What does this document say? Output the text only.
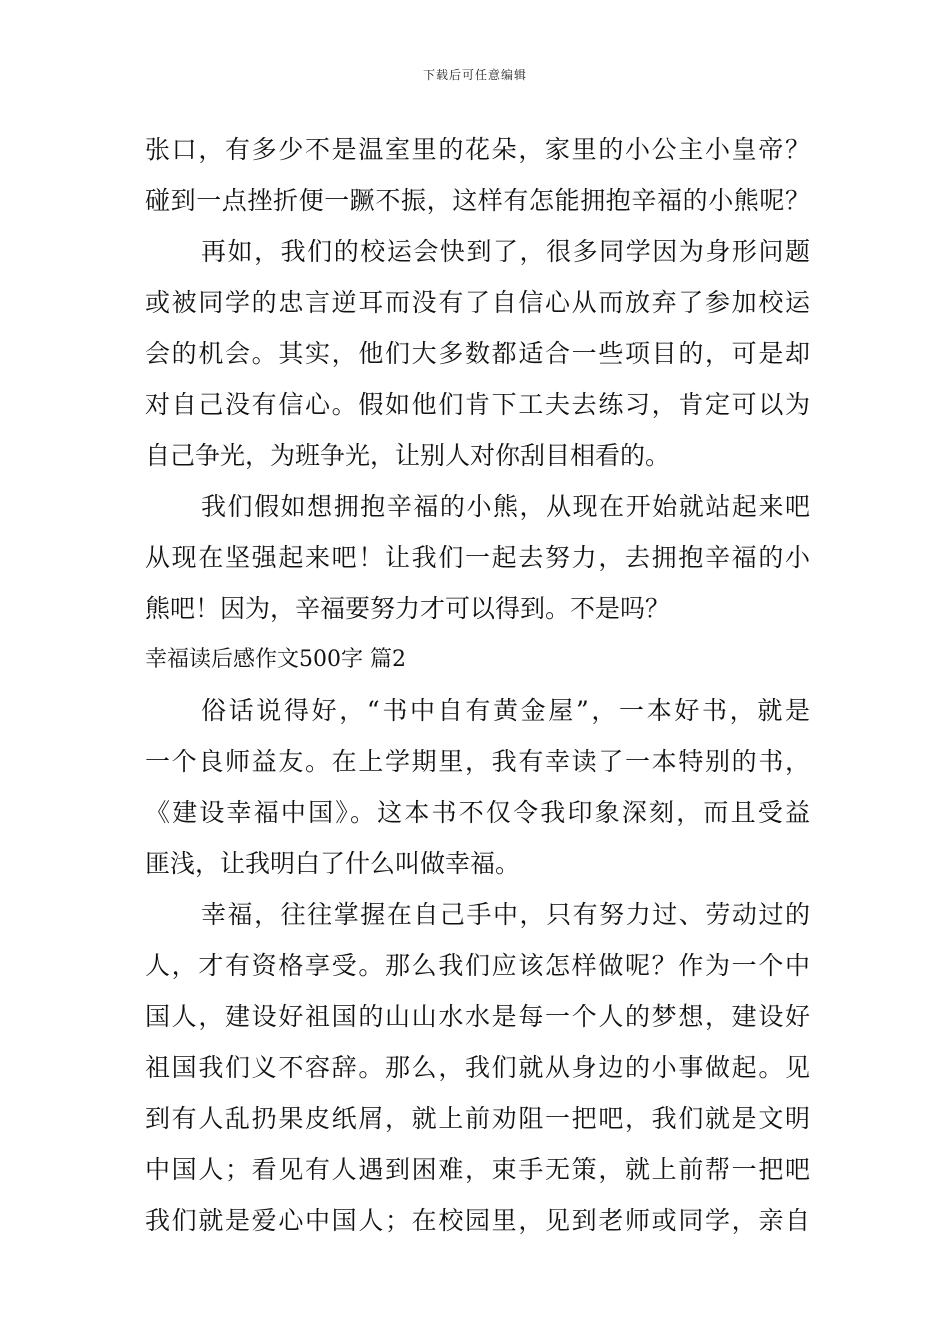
下载后可任意编辑
张口，有多少不是温室里的花朵，家里的小公主小皇帝？
碰到一点挫折便一蹶不振，这样有怎能拥抱辛福的小熊呢？
再如，我们的校运会快到了，很多同学因为身形问题
或被同学的忠言逆耳而没有了自信心从而放弃了参加校运
会的机会。其实，他们大多数都适合一些项目的，可是却
对自己没有信心。假如他们肯下工夫去练习，肯定可以为
自己争光，为班争光，让别人对你刮目相看的。
我们假如想拥抱辛福的小熊，从现在开始就站起来吧
从现在坚强起来吧！让我们一起去努力，去拥抱辛福的小
熊吧！因为，辛福要努力才可以得到。不是吗？
幸福读后感作文500字 篇2
俗话说得好，“书中自有黄金屋”，一本好书，就是
一个良师益友。在上学期里，我有幸读了一本特别的书，
《建设幸福中国》。这本书不仅令我印象深刻，而且受益
匪浅，让我明白了什么叫做幸福。
幸福，往往掌握在自己手中，只有努力过、劳动过的
人，才有资格享受。那么我们应该怎样做呢？作为一个中
国人，建设好祖国的山山水水是每一个人的梦想，建设好
祖国我们义不容辞。那么，我们就从身边的小事做起。见
到有人乱扔果皮纸屑，就上前劝阻一把吧，我们就是文明
中国人；看见有人遇到困难，束手无策，就上前帮一把吧
我们就是爱心中国人；在校园里，见到老师或同学，亲自
